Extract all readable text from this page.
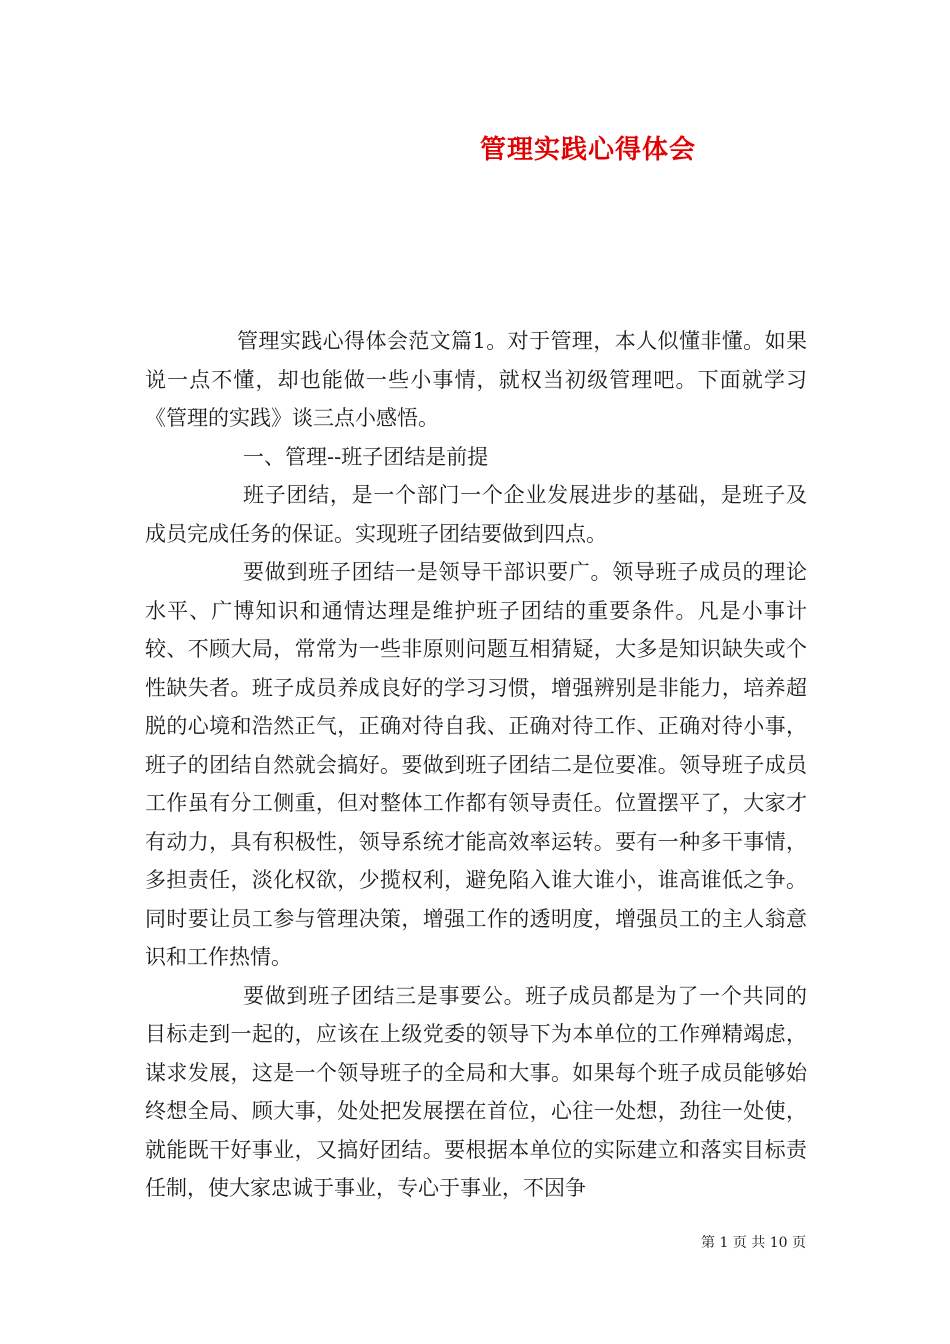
管理实践心得体会

管理实践心得体会范文篇1。对于管理，本人似懂非懂。如果说一点不懂，却也能做一些小事情，就权当初级管理吧。下面就学习《管理的实践》谈三点小感悟。

一、管理--班子团结是前提

班子团结，是一个部门一个企业发展进步的基础，是班子及成员完成任务的保证。实现班子团结要做到四点。

要做到班子团结一是领导干部识要广。领导班子成员的理论水平、广博知识和通情达理是维护班子团结的重要条件。凡是小事计较、不顾大局，常常为一些非原则问题互相猜疑，大多是知识缺失或个性缺失者。班子成员养成良好的学习习惯，增强辨别是非能力，培养超脱的心境和浩然正气，正确对待自我、正确对待工作、正确对待小事，班子的团结自然就会搞好。要做到班子团结二是位要准。领导班子成员工作虽有分工侧重，但对整体工作都有领导责任。位置摆平了，大家才有动力，具有积极性，领导系统才能高效率运转。要有一种多干事情，多担责任，淡化权欲，少揽权利，避免陷入谁大谁小，谁高谁低之争。同时要让员工参与管理决策，增强工作的透明度，增强员工的主人翁意识和工作热情。

要做到班子团结三是事要公。班子成员都是为了一个共同的目标走到一起的，应该在上级党委的领导下为本单位的工作殚精竭虑，谋求发展，这是一个领导班子的全局和大事。如果每个班子成员能够始终想全局、顾大事，处处把发展摆在首位，心往一处想，劲往一处使，就能既干好事业，又搞好团结。要根据本单位的实际建立和落实目标责任制，使大家忠诚于事业，专心于事业，不因争

第 1 页 共 10 页
